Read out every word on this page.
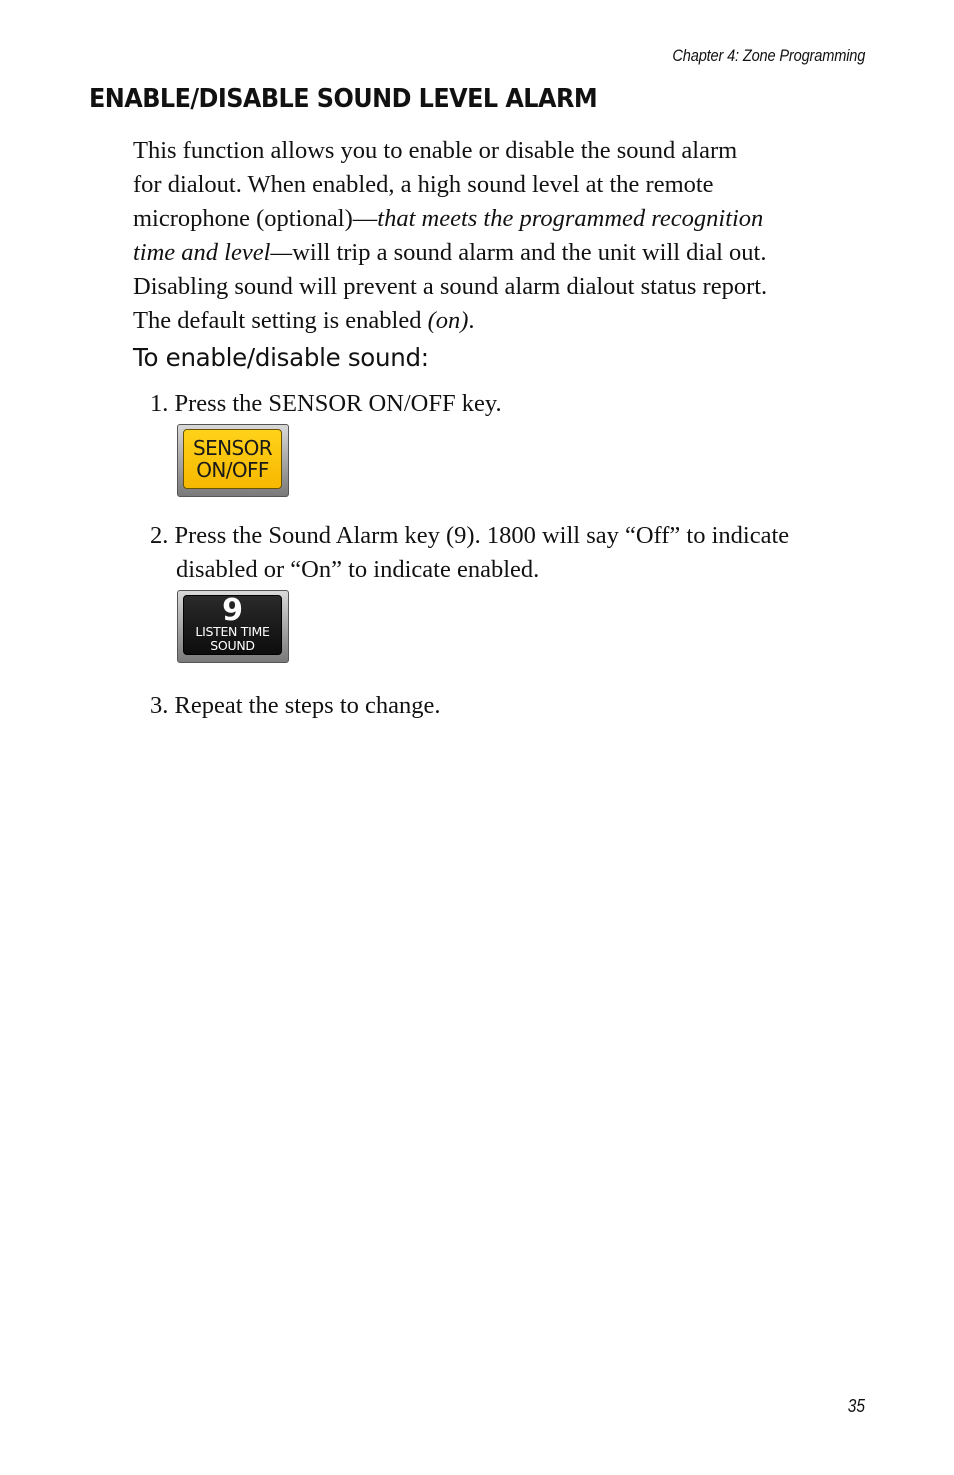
Chapter 4: Zone Programming
ENABLE/DISABLE SOUND LEVEL ALARM

This function allows you to enable or disable the sound alarm
for dialout. When enabled, a high sound level at the remote
microphone (optional)—that meets the programmed recognition
time and level—will trip a sound alarm and the unit will dial out.
Disabling sound will prevent a sound alarm dialout status report.
The default setting is enabled (on).

To enable/disable sound:

1. Press the SENSOR ON/OFF key.

SENSOR
ON/OFF

2. Press the Sound Alarm key (9). 1800 will say “Off” to indicate
disabled or “On” to indicate enabled.

9
LISTEN TIME
SOUND

3. Repeat the steps to change.

35
